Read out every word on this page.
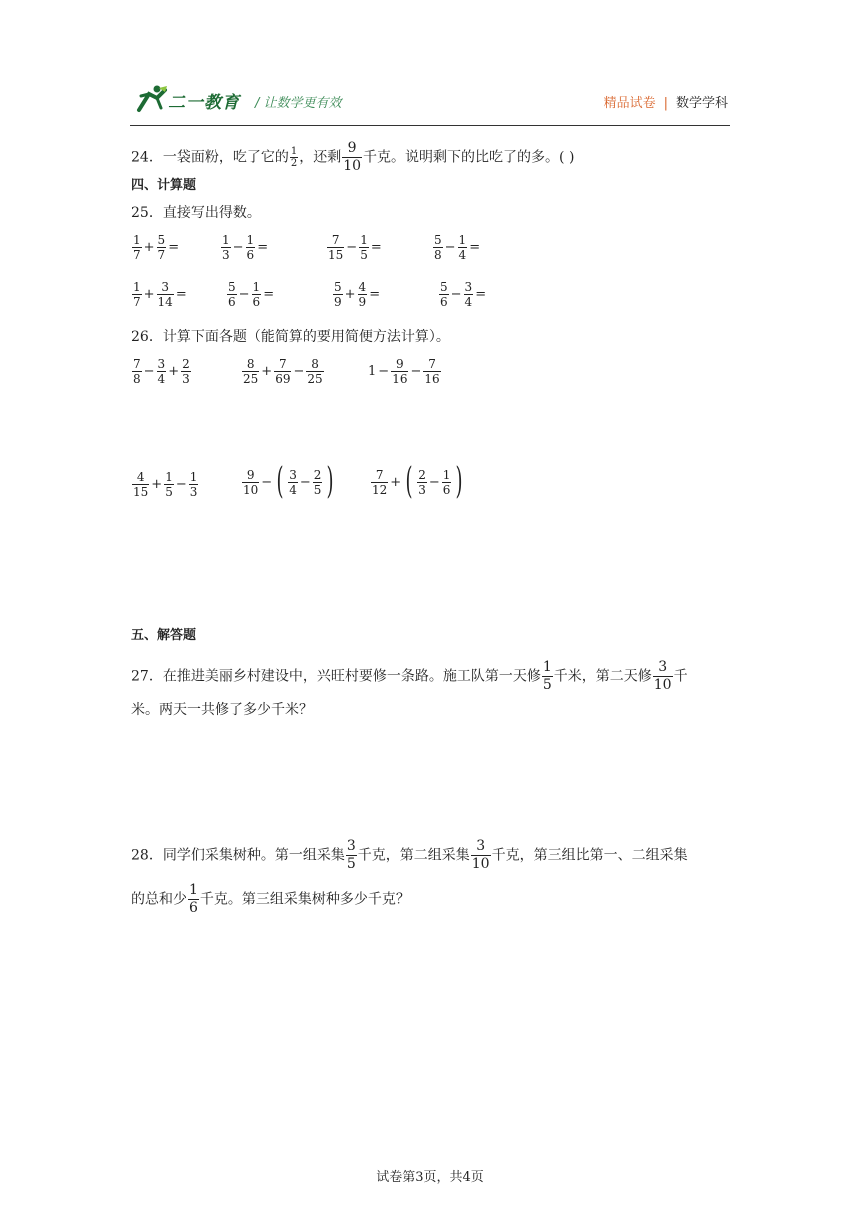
二一教育 / 让数学更有效	精品试卷 | 数学学科
24．一袋面粉，吃了它的 $\frac{1}{2}$ ，还剩 $\frac{9}{10}$ 千克。说明剩下的比吃了的多。( )
四、计算题
25．直接写出得数。
$\frac{1}{7} + \frac{5}{7}$ =	$\frac{1}{3} - \frac{1}{6}$ =	$\frac{7}{15} - \frac{1}{5}$ =	$\frac{5}{8} - \frac{1}{4}$ =
$\frac{1}{7} + \frac{3}{14}$ =	$\frac{5}{6} - \frac{1}{6}$ =	$\frac{5}{9} + \frac{4}{9}$ =	$\frac{5}{6} - \frac{3}{4}$ =
26．计算下面各题（能简算的要用简便方法计算）。
$\frac{7}{8} - \frac{3}{4} + \frac{2}{3}$	$\frac{8}{25} + \frac{7}{69} - \frac{8}{25}$	$1 - \frac{9}{16} - \frac{7}{16}$
$\frac{4}{15} + \frac{1}{5} - \frac{1}{3}$	$\frac{9}{10}$ − ( $\frac{3}{4} - \frac{2}{5}$ )	$\frac{7}{12}$ + ( $\frac{2}{3} - \frac{1}{6}$ )
五、解答题
27．在推进美丽乡村建设中，兴旺村要修一条路。施工队第一天修 $\frac{1}{5}$ 千米，第二天修 $\frac{3}{10}$ 千
米。两天一共修了多少千米？
28．同学们采集树种。第一组采集 $\frac{3}{5}$ 千克，第二组采集 $\frac{3}{10}$ 千克，第三组比第一、二组采集
的总和少 $\frac{1}{6}$ 千克。第三组采集树种多少千克？
试卷第3页，共4页
